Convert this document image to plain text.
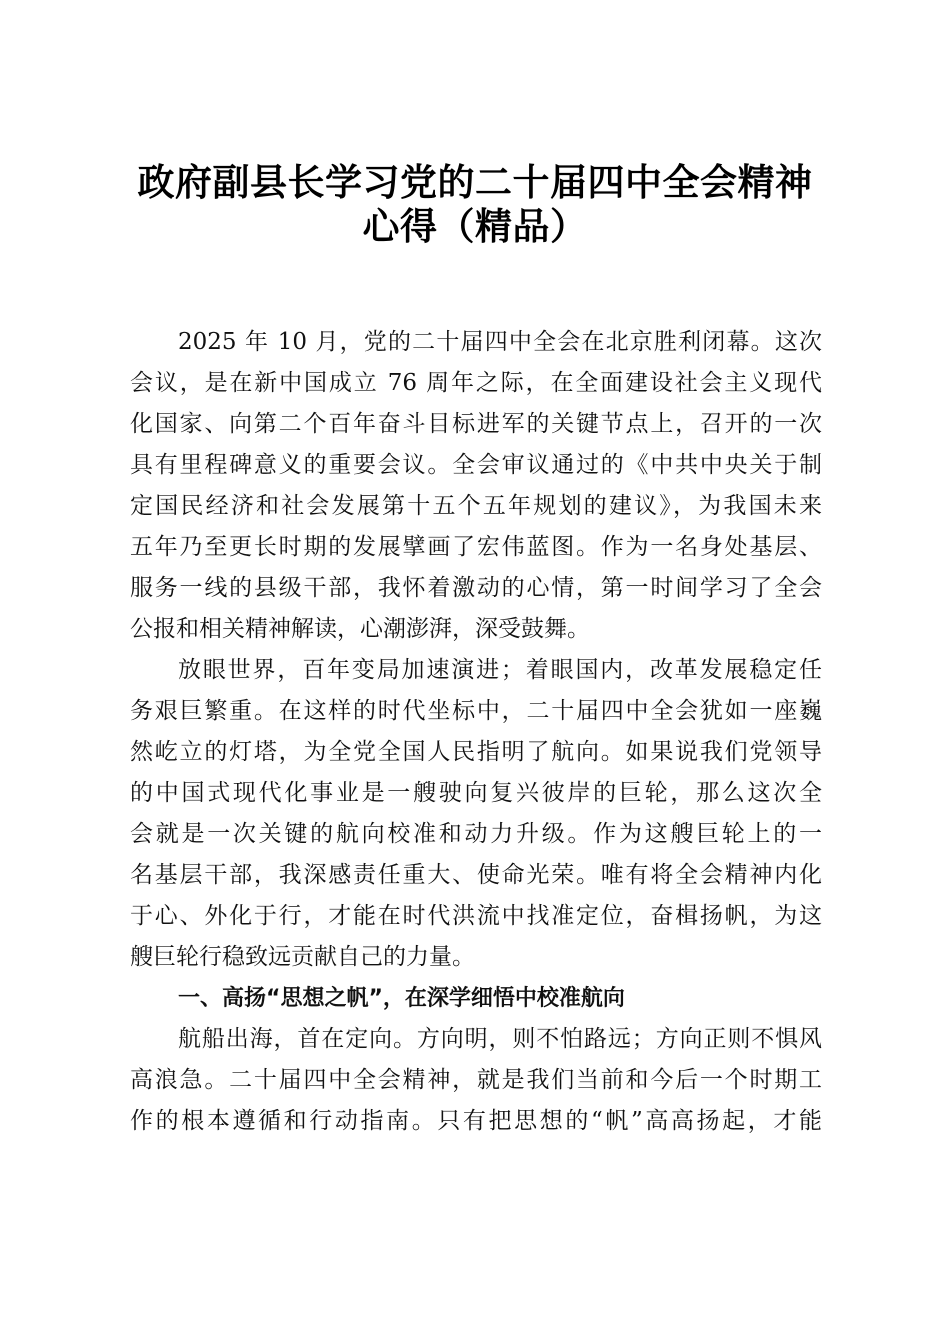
政府副县长学习党的二十届四中全会精神
心得（精品）
2025 年 10 月，党的二十届四中全会在北京胜利闭幕。这次
会议，是在新中国成立 76 周年之际，在全面建设社会主义现代
化国家、向第二个百年奋斗目标进军的关键节点上，召开的一次
具有里程碑意义的重要会议。全会审议通过的《中共中央关于制
定国民经济和社会发展第十五个五年规划的建议》，为我国未来
五年乃至更长时期的发展擘画了宏伟蓝图。作为一名身处基层、
服务一线的县级干部，我怀着激动的心情，第一时间学习了全会
公报和相关精神解读，心潮澎湃，深受鼓舞。
放眼世界，百年变局加速演进；着眼国内，改革发展稳定任
务艰巨繁重。在这样的时代坐标中，二十届四中全会犹如一座巍
然屹立的灯塔，为全党全国人民指明了航向。如果说我们党领导
的中国式现代化事业是一艘驶向复兴彼岸的巨轮，那么这次全
会就是一次关键的航向校准和动力升级。作为这艘巨轮上的一
名基层干部，我深感责任重大、使命光荣。唯有将全会精神内化
于心、外化于行，才能在时代洪流中找准定位，奋楫扬帆，为这
艘巨轮行稳致远贡献自己的力量。
一、高扬“思想之帆”，在深学细悟中校准航向
航船出海，首在定向。方向明，则不怕路远；方向正则不惧风
高浪急。二十届四中全会精神，就是我们当前和今后一个时期工
作的根本遵循和行动指南。只有把思想的“帆”高高扬起，才能
